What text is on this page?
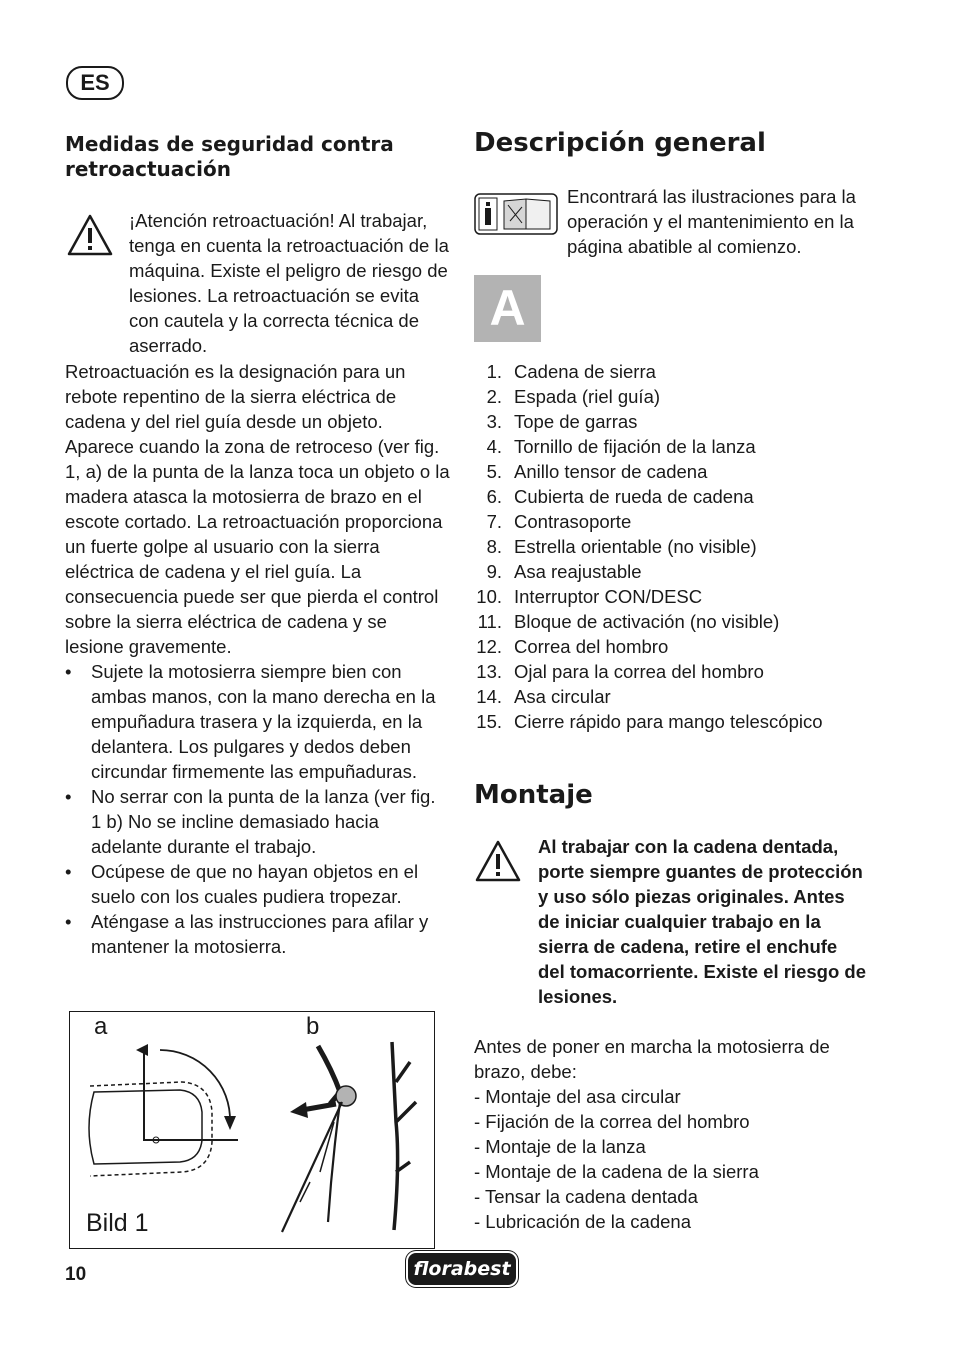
ES
Medidas de seguridad contra retroactuación
¡Atención retroactuación! Al trabajar, tenga en cuenta la retroactuación de la máquina. Existe el peligro de riesgo de lesiones. La retroactuación se evita con cautela y la correcta técnica de aserrado.
Retroactuación es la designación para un rebote repentino de la sierra eléctrica de cadena y del riel guía desde un objeto. Aparece cuando la zona de retroceso (ver fig. 1, a) de la punta de la lanza toca un objeto o la madera atasca la motosierra de brazo en el escote cortado. La retroactuación proporciona un fuerte golpe al usuario con la sierra eléctrica de cadena y el riel guía. La consecuencia puede ser que pierda el control sobre la sierra eléctrica de cadena y se lesione gravemente.
• Sujete la motosierra siempre bien con ambas manos, con la mano derecha en la empuñadura trasera y la izquierda, en la delantera. Los pulgares y dedos deben circundar firmemente las empuñaduras.
• No serrar con la punta de la lanza (ver fig. 1 b) No se incline demasiado hacia adelante durante el trabajo.
• Ocúpese de que no hayan objetos en el suelo con los cuales pudiera tropezar.
• Aténgase a las instrucciones para afilar y mantener la motosierra.
a	b
Bild 1
Descripción general
Encontrará las ilustraciones para la operación y el mantenimiento en la página abatible al comienzo.
A
1. Cadena de sierra
2. Espada (riel guía)
3. Tope de garras
4. Tornillo de fijación de la lanza
5. Anillo tensor de cadena
6. Cubierta de rueda de cadena
7. Contrasoporte
8. Estrella orientable (no visible)
9. Asa reajustable
10. Interruptor CON/DESC
11. Bloque de activación (no visible)
12. Correa del hombro
13. Ojal para la correa del hombro
14. Asa circular
15. Cierre rápido para mango telescópico
Montaje
Al trabajar con la cadena dentada, porte siempre guantes de protección y uso sólo piezas originales. Antes de iniciar cualquier trabajo en la sierra de cadena, retire el enchufe del tomacorriente. Existe el riesgo de lesiones.
Antes de poner en marcha la motosierra de brazo, debe:
- Montaje del asa circular
- Fijación de la correa del hombro
- Montaje de la lanza
- Montaje de la cadena de la sierra
- Tensar la cadena dentada
- Lubricación de la cadena
10	florabest
